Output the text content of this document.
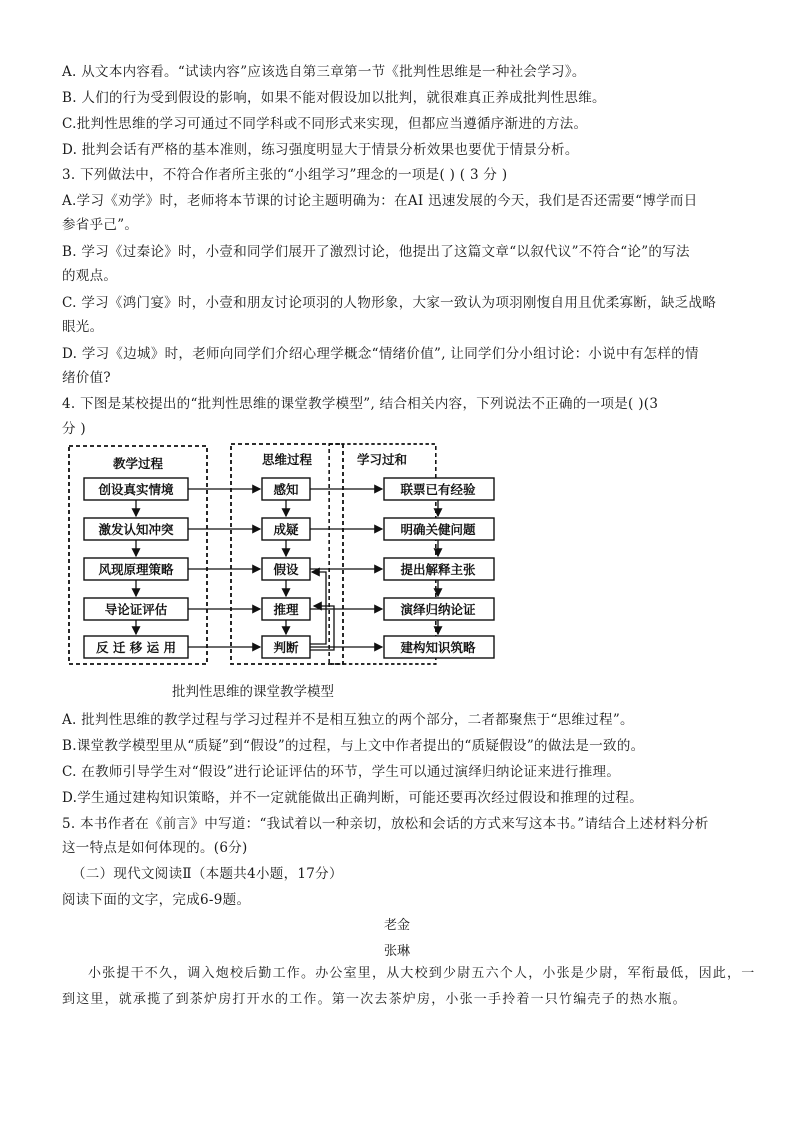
A. 从文本内容看。“试读内容”应该选自第三章第一节《批判性思维是一种社会学习》。
B. 人们的行为受到假设的影响，如果不能对假设加以批判，就很难真正养成批判性思维。
C.批判性思维的学习可通过不同学科或不同形式来实现，但都应当遵循序渐进的方法。
D. 批判会话有严格的基本准则，练习强度明显大于情景分析效果也要优于情景分析。
3. 下列做法中，不符合作者所主张的“小组学习”理念的一项是( ) ( 3 分 )
A.学习《劝学》时，老师将本节课的讨论主题明确为：在AI 迅速发展的今天，我们是否还需要“博学而日
参省乎己”。
B. 学习《过秦论》时，小壹和同学们展开了激烈讨论，他提出了这篇文章“以叙代议”不符合“论”的写法
的观点。
C. 学习《鸿门宴》时，小壹和朋友讨论项羽的人物形象，大家一致认为项羽刚愎自用且优柔寡断，缺乏战略
眼光。
D. 学习《边城》时，老师向同学们介绍心理学概念“情绪价值”, 让同学们分小组讨论：小说中有怎样的情
绪价值?
4. 下图是某校提出的“批判性思维的课堂教学模型”, 结合相关内容，下列说法不正确的一项是( )(3
分 )
教学过程	思维过程	学习过和
创设真实情境
激发认知冲突
风现原理策略
导论证评估
反 迁 移 运 用
感知
成疑
假设
推理
判断
联票已有经验
明确关健问题
提出解释主张
演绎归纳论证
建构知识筑略
批判性思维的课堂教学模型
A. 批判性思维的教学过程与学习过程并不是相互独立的两个部分，二者都聚焦于“思维过程”。
B.课堂教学模型里从“质疑”到“假设”的过程，与上文中作者提出的“质疑假设”的做法是一致的。
C. 在教师引导学生对“假设”进行论证评估的环节，学生可以通过演绎归纳论证来进行推理。
D.学生通过建构知识策略，并不一定就能做出正确判断，可能还要再次经过假设和推理的过程。
5. 本书作者在《前言》中写道：“我试着以一种亲切，放松和会话的方式来写这本书。”请结合上述材料分析
这一特点是如何体现的。(6分)
（二）现代文阅读Ⅱ（本题共4小题，17分）
阅读下面的文字，完成6-9题。
老金
张琳
小张提干不久，调入炮校后勤工作。办公室里，从大校到少尉五六个人，小张是少尉，军衔最低，因此，一到这里，就承揽了到茶炉房打开水的工作。第一次去茶炉房，小张一手拎着一只竹编壳子的热水瓶。
